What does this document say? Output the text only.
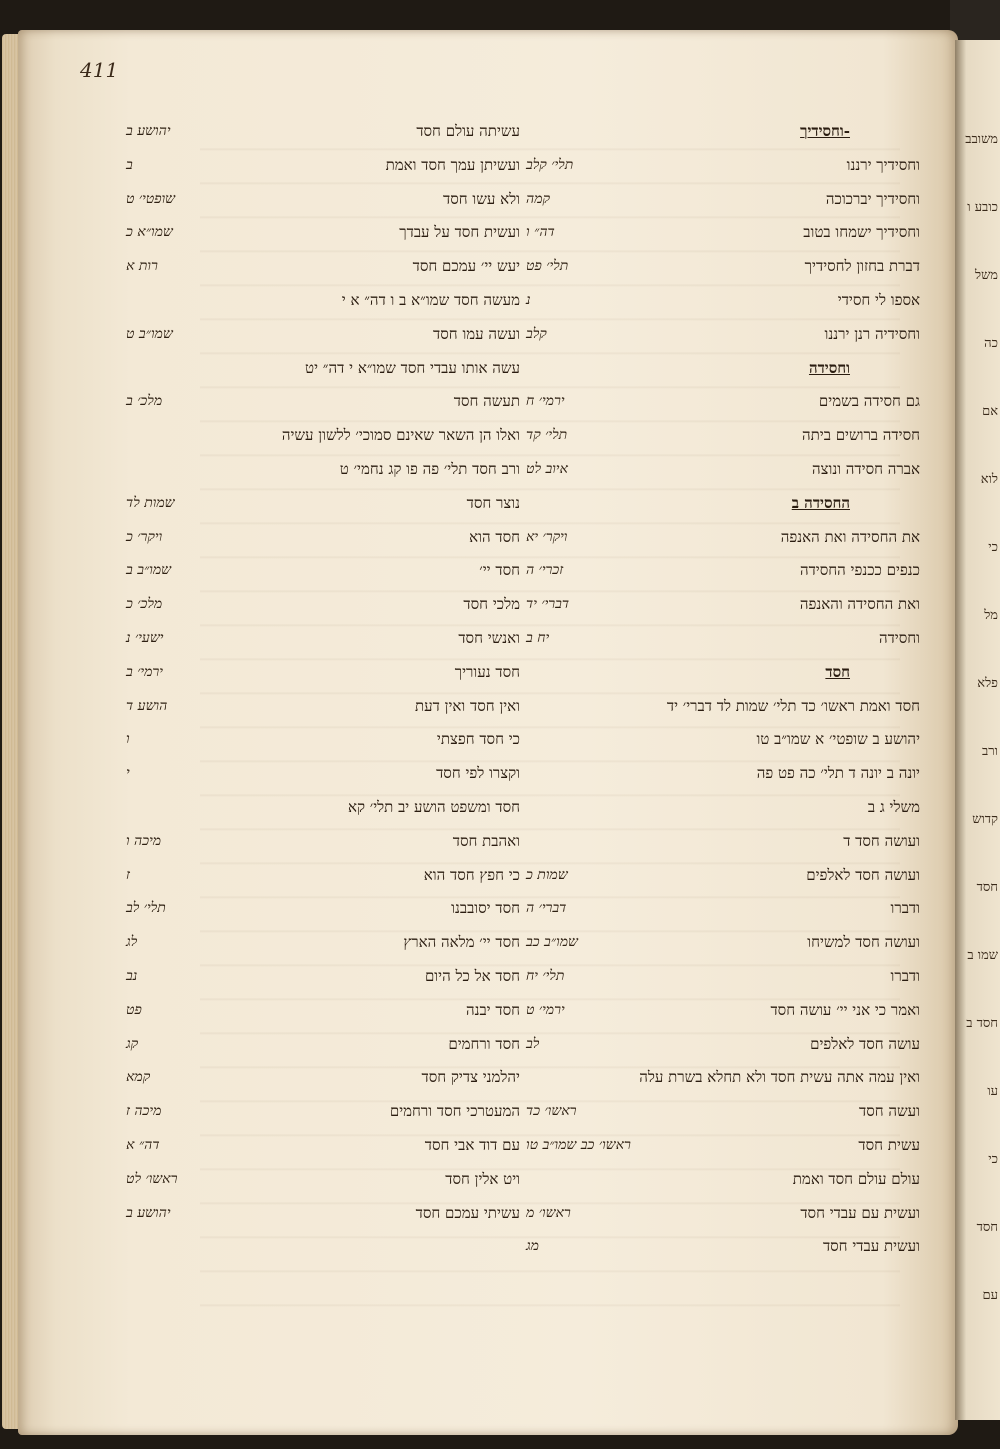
411
-וחסידיך
וחסידיך ירננו
תלי׳ קלב
וחסידיך יברכוכה
קמה
וחסידיך ישמחו בטוב
דה״ ו
דברת בחזון לחסידיך
תלי׳ פט
אספו לי חסידי
נ
וחסידיה רנן ירננו
קלב
וחסידה
גם חסידה בשמים
ירמי׳ ח
חסידה ברושים ביתה
תלי׳ קד
אברה חסידה ונוצה
איוב לט
החסידה ב
את החסידה ואת האנפה
ויקר׳ יא
כנפים ככנפי החסידה
זכרי׳ ה
ואת החסידה והאנפה
דברי׳ יד
וחסידה
יח ב
חסד
חסד ואמת ראשו׳ כד תלי׳ שמות לד דברי׳ יד
יהושע ב שופטי׳ א שמו״ב טו
יונה ב יונה ד תלי׳ כה פט פה
משלי ג ב
ועושה חסד ד
ועושה חסד לאלפים
שמות כ
ודברו
דברי׳ ה
ועושה חסד למשיחו
שמו״ב כב
ודברו
תלי׳ יח
ואמר כי אני יי׳ עושה חסד
ירמי׳ ט
עושה חסד לאלפים
לב
ואין עמה אתה עשית חסד ולא תחלא בשרת עלה
ועשה חסד
ראשו׳ כד
עשית חסד
ראשו׳ כב שמו״ב טו
עולם עולם חסד ואמת
ועשית עם עבדי חסד
ראשו׳ מ
ועשית עבדי חסד
מג
עשיתה עולם חסד
יהושע ב
ועשיתן עמך חסד ואמת
ב
ולא עשו חסד
שופטי׳ ט
ועשית חסד על עבדך
שמו״א כ
יעש יי׳ עמכם חסד
רות א
מעשה חסד שמו״א ב ו דה״ א י
ועשה עמו חסד
שמו״ב ט
עשה אותו עבדי חסד שמו״א י דה״ יט
תעשה חסד
מלכ׳ ב
ואלו הן השאר שאינם סמוכי׳ ללשון עשיה
ורב חסד תלי׳ פה פו קג נחמי׳ ט
נוצר חסד
שמות לד
חסד הוא
ויקר׳ כ
חסד יי׳
שמו״ב ב
מלכי חסד
מלכ׳ כ
ואנשי חסד
ישעי׳ נ
חסד נעוריך
ירמי׳ ב
ואין חסד ואין דעת
הושע ד
כי חסד חפצתי
ו
וקצרו לפי חסד
י
חסד ומשפט הושע יב תלי׳ קא
ואהבת חסד
מיכה ו
כי חפץ חסד הוא
ז
חסד יסובבנו
תלי׳ לב
חסד יי׳ מלאה הארץ
לג
חסד אל כל היום
נב
חסד יבנה
פט
חסד ורחמים
קג
יהלמני צדיק חסד
קמא
המעטרכי חסד ורחמים
מיכה ז
עם דוד אבי חסד
דה״ א
ויט אלין חסד
ראשו׳ לט
עשיתי עמכם חסד
יהושע ב
משובב
כובע ו
משל
כה
אם
לוא
כי
מל
פלא
ורב
קדוש
חסד
שמו ב
חסד ב
עו
כי
חסד
עם
